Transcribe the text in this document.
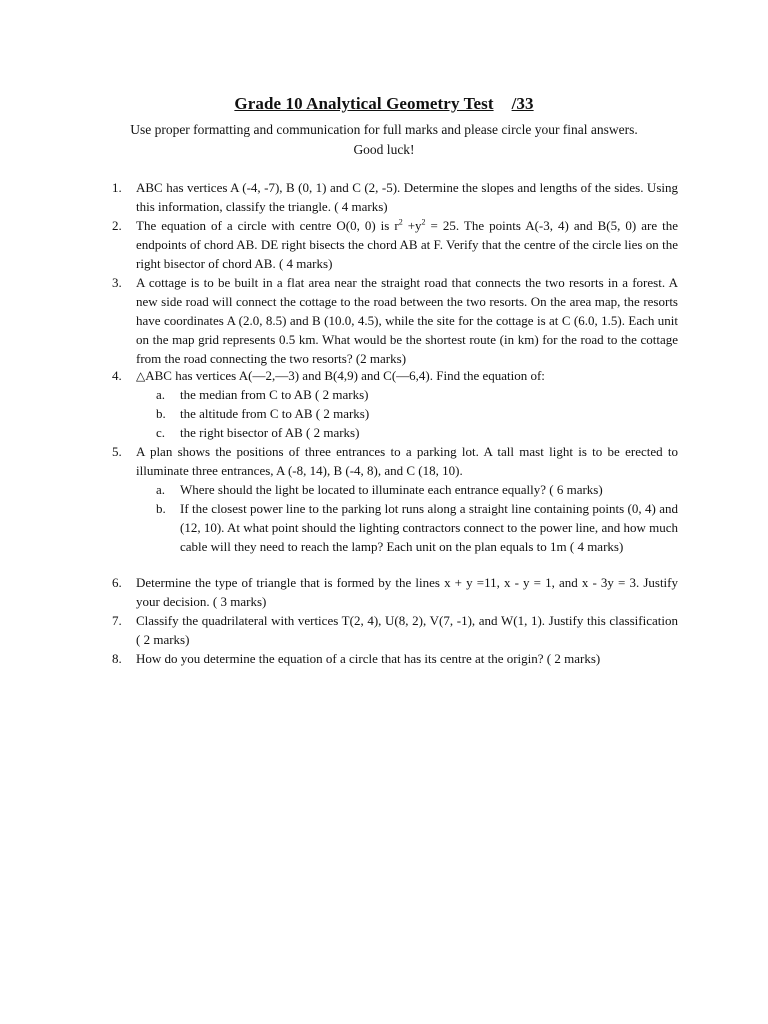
Grade 10 Analytical Geometry Test /33
Use proper formatting and communication for full marks and please circle your final answers.
Good luck!
1.	ABC has vertices A (-4, -7), B (0, 1) and C (2, -5). Determine the slopes and lengths of the sides. Using this information, classify the triangle. ( 4 marks)
2.	The equation of a circle with centre O(0, 0) is $r^2 +y^2 = 25$. The points A(-3, 4) and B(5, 0) are the endpoints of chord AB. DE right bisects the chord AB at F. Verify that the centre of the circle lies on the right bisector of chord AB. ( 4 marks)
3.	A cottage is to be built in a flat area near the straight road that connects the two resorts in a forest. A new side road will connect the cottage to the road between the two resorts. On the area map, the resorts have coordinates A (2.0, 8.5) and B (10.0, 4.5), while the site for the cottage is at C (6.0, 1.5). Each unit on the map grid represents 0.5 km. What would be the shortest route (in km) for the road to the cottage from the road connecting the two resorts? (2 marks)
4.	△ABC has vertices A(—2,—3) and B(4,9) and C(—6,4). Find the equation of:
a. the median from C to AB ( 2 marks)
b. the altitude from C to AB ( 2 marks)
c. the right bisector of AB ( 2 marks)
5.	A plan shows the positions of three entrances to a parking lot. A tall mast light is to be erected to illuminate three entrances, A (-8, 14), B (-4, 8), and C (18, 10).
a. Where should the light be located to illuminate each entrance equally? ( 6 marks)
b. If the closest power line to the parking lot runs along a straight line containing points (0, 4) and (12, 10). At what point should the lighting contractors connect to the power line, and how much cable will they need to reach the lamp? Each unit on the plan equals to 1m ( 4 marks)
6.	Determine the type of triangle that is formed by the lines x + y =11, x - y = 1, and x - 3y = 3. Justify your decision. ( 3 marks)
7.	Classify the quadrilateral with vertices T(2, 4), U(8, 2), V(7, -1), and W(1, 1). Justify this classification ( 2 marks)
8.	How do you determine the equation of a circle that has its centre at the origin? ( 2 marks)
